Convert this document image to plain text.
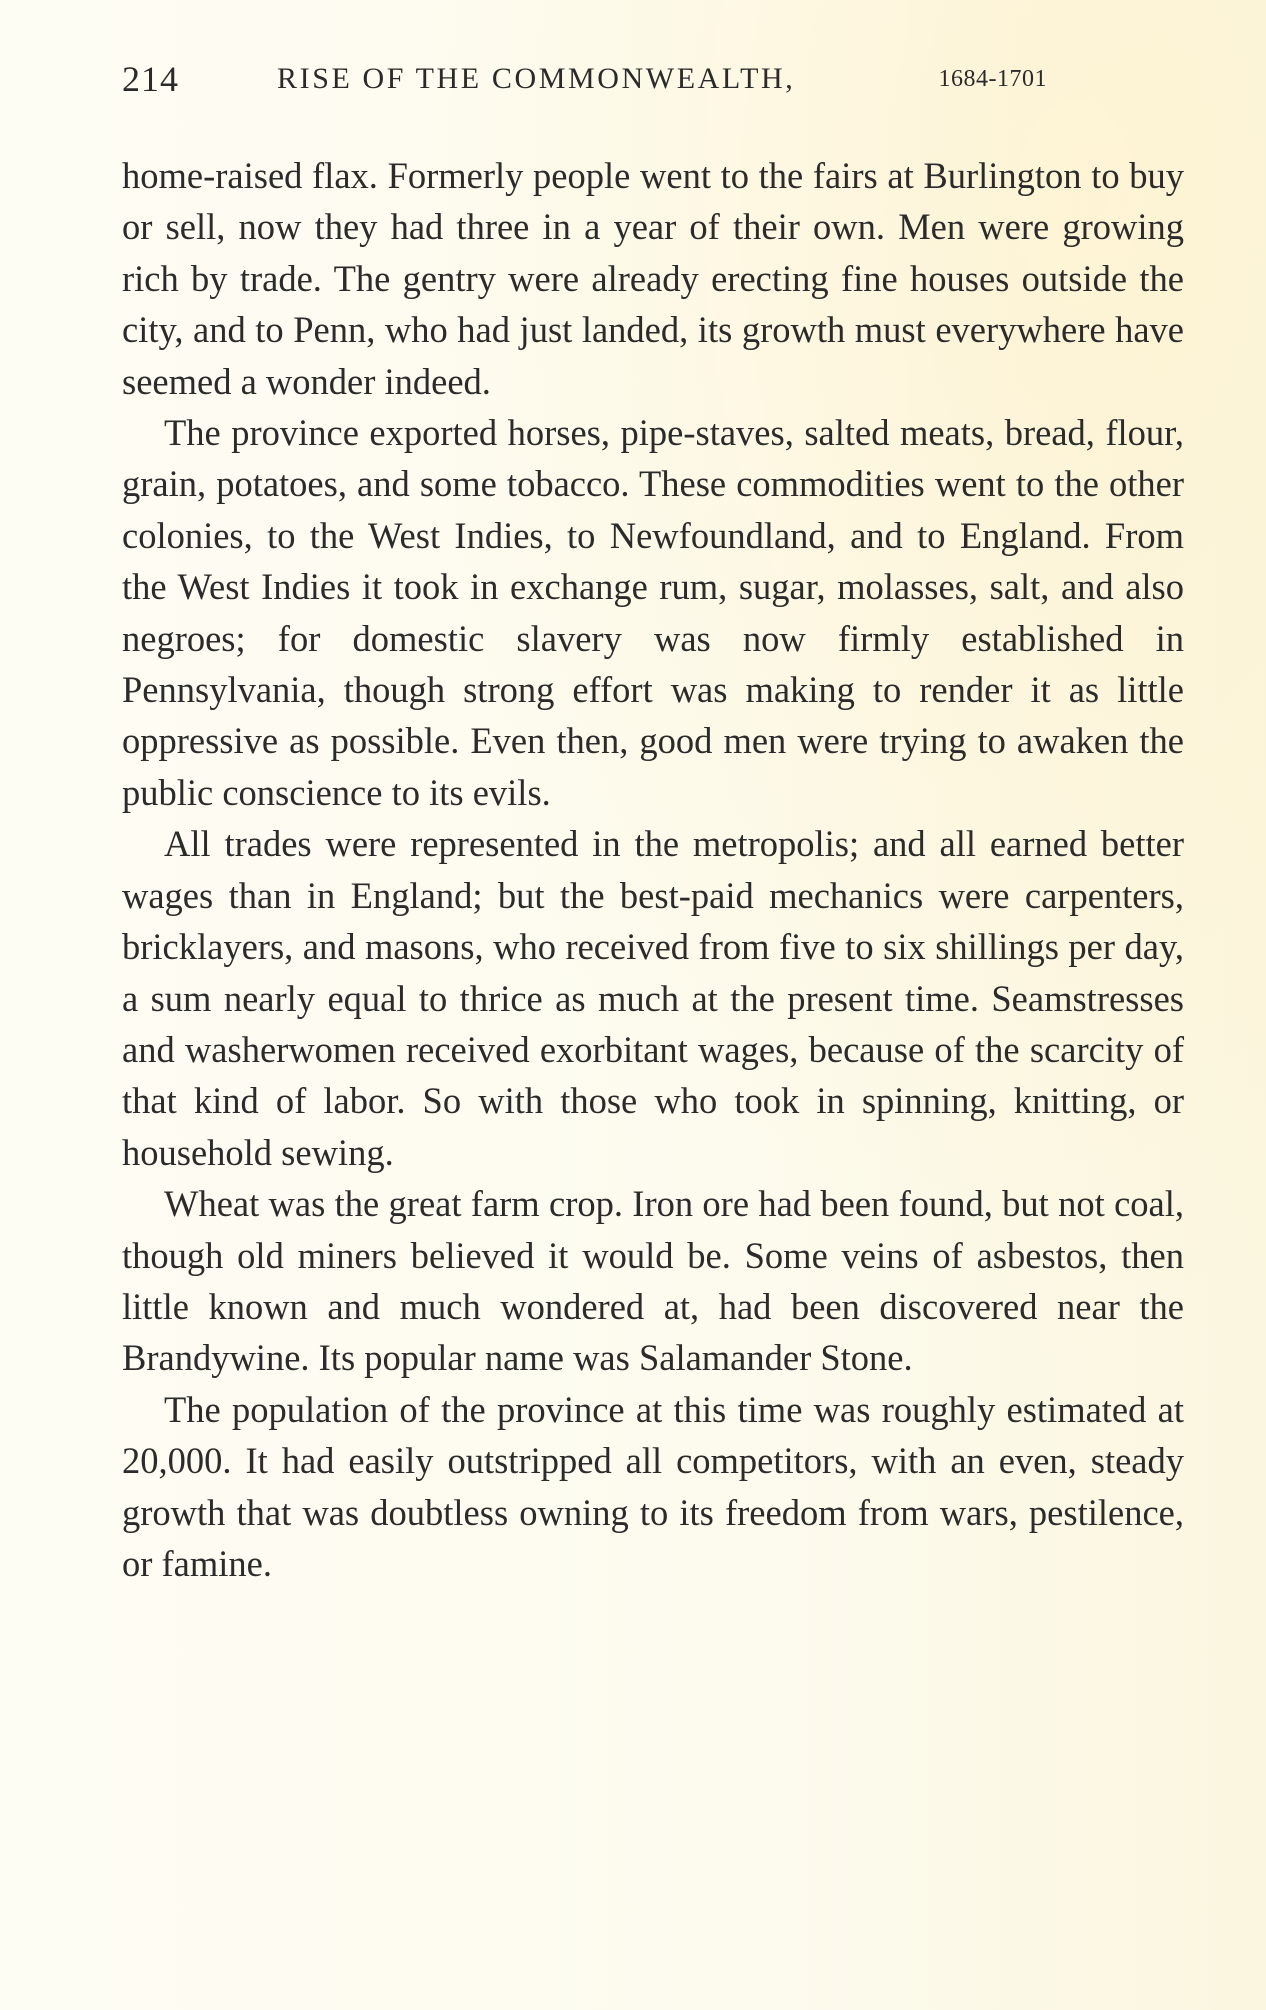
214	RISE OF THE COMMONWEALTH,	1684-1701

home-raised flax. Formerly people went to the fairs at Burlington to buy or sell, now they had three in a year of their own. Men were growing rich by trade. The gentry were already erecting fine houses outside the city, and to Penn, who had just landed, its growth must everywhere have seemed a wonder indeed.

The province exported horses, pipe-staves, salted meats, bread, flour, grain, potatoes, and some tobacco. These commodities went to the other colonies, to the West Indies, to Newfoundland, and to England. From the West Indies it took in exchange rum, sugar, molasses, salt, and also negroes; for domestic slavery was now firmly established in Pennsylvania, though strong effort was making to render it as little oppressive as possible. Even then, good men were trying to awaken the public conscience to its evils.

All trades were represented in the metropolis; and all earned better wages than in England; but the best-paid mechanics were carpenters, bricklayers, and masons, who received from five to six shillings per day, a sum nearly equal to thrice as much at the present time. Seamstresses and washerwomen received exorbitant wages, because of the scarcity of that kind of labor. So with those who took in spinning, knitting, or household sewing.

Wheat was the great farm crop. Iron ore had been found, but not coal, though old miners believed it would be. Some veins of asbestos, then little known and much wondered at, had been discovered near the Brandywine. Its popular name was Salamander Stone.

The population of the province at this time was roughly estimated at 20,000. It had easily outstripped all competitors, with an even, steady growth that was doubtless owning to its freedom from wars, pestilence, or famine.
